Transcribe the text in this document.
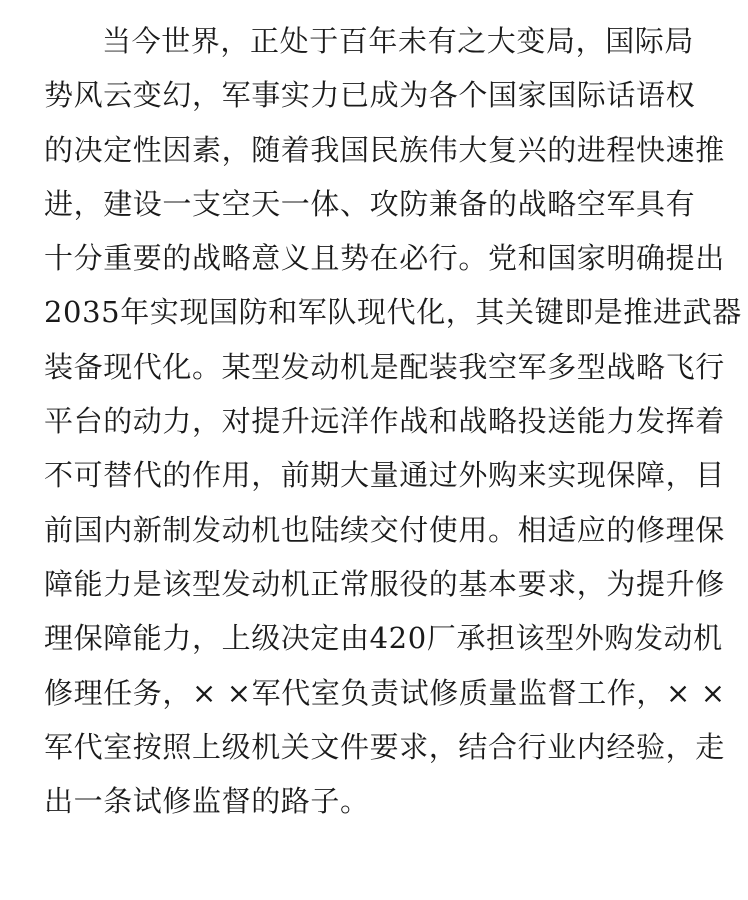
当今世界，正处于百年未有之大变局，国际局
势风云变幻，军事实力已成为各个国家国际话语权
的决定性因素，随着我国民族伟大复兴的进程快速推
进，建设一支空天一体、攻防兼备的战略空军具有
十分重要的战略意义且势在必行。党和国家明确提出
2035年实现国防和军队现代化，其关键即是推进武器
装备现代化。某型发动机是配装我空军多型战略飞行
平台的动力，对提升远洋作战和战略投送能力发挥着
不可替代的作用，前期大量通过外购来实现保障，目
前国内新制发动机也陆续交付使用。相适应的修理保
障能力是该型发动机正常服役的基本要求，为提升修
理保障能力，上级决定由420厂承担该型外购发动机
修理任务，× ×军代室负责试修质量监督工作，× ×
军代室按照上级机关文件要求，结合行业内经验，走
出一条试修监督的路子。
